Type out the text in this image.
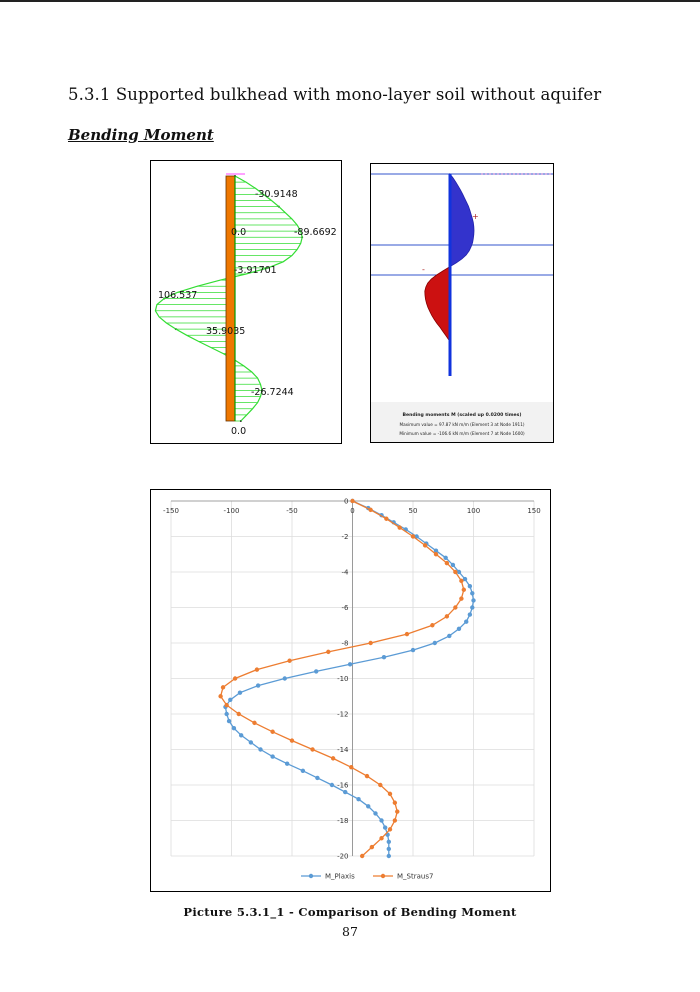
5.3.1 Supported bulkhead with mono-layer soil without aquifer
Bending Moment
-30.9148
0.0	-89.6692
-3.91701
106.537
35.9035
-26.7244
0.0
+
-
Bending moments M (scaled up 0.0200 times)
Maximum value = 97.87 kN m/m (Element 3 at Node 1911)
Minimum value = -106.6 kN m/m (Element 7 at Node 1600)
-150	-100	-50	0	50	100	150
0
-2
-4
-6
-8
-10
-12
-14
-16
-18
-20
M_Plaxis	M_Straus7
Picture 5.3.1_1 - Comparison of Bending Moment
87
